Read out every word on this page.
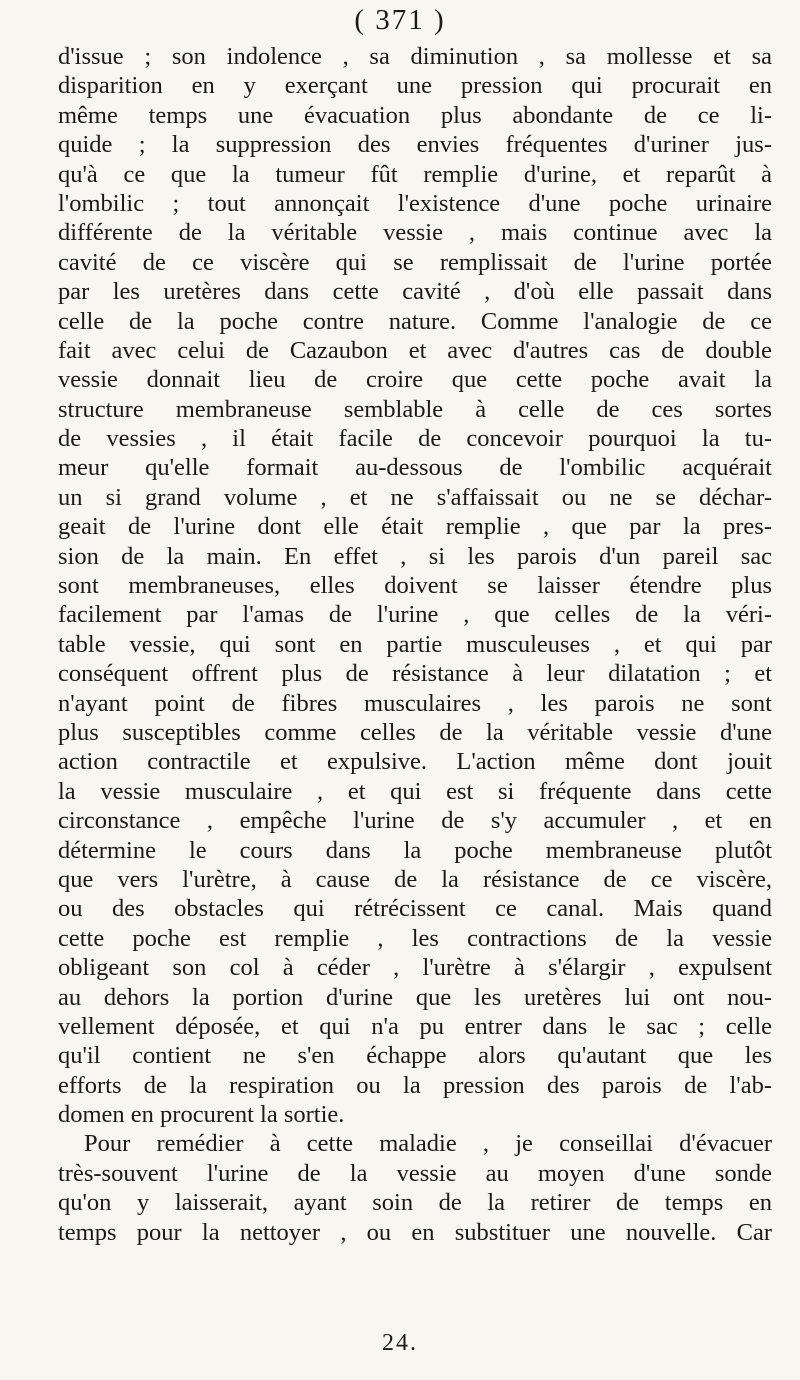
( 371 )
d'issue ; son indolence , sa diminution , sa mollesse et sa
disparition en y exerçant une pression qui procurait en
même temps une évacuation plus abondante de ce li-
quide ; la suppression des envies fréquentes d'uriner jus-
qu'à ce que la tumeur fût remplie d'urine, et reparût à
l'ombilic ; tout annonçait l'existence d'une poche urinaire
différente de la véritable vessie , mais continue avec la
cavité de ce viscère qui se remplissait de l'urine portée
par les uretères dans cette cavité , d'où elle passait dans
celle de la poche contre nature. Comme l'analogie de ce
fait avec celui de Cazaubon et avec d'autres cas de double
vessie donnait lieu de croire que cette poche avait la
structure membraneuse semblable à celle de ces sortes
de vessies , il était facile de concevoir pourquoi la tu-
meur qu'elle formait au-dessous de l'ombilic acquérait
un si grand volume , et ne s'affaissait ou ne se déchar-
geait de l'urine dont elle était remplie , que par la pres-
sion de la main. En effet , si les parois d'un pareil sac
sont membraneuses, elles doivent se laisser étendre plus
facilement par l'amas de l'urine , que celles de la véri-
table vessie, qui sont en partie musculeuses , et qui par
conséquent offrent plus de résistance à leur dilatation ; et
n'ayant point de fibres musculaires , les parois ne sont
plus susceptibles comme celles de la véritable vessie d'une
action contractile et expulsive. L'action même dont jouit
la vessie musculaire , et qui est si fréquente dans cette
circonstance , empêche l'urine de s'y accumuler , et en
détermine le cours dans la poche membraneuse plutôt
que vers l'urètre, à cause de la résistance de ce viscère,
ou des obstacles qui rétrécissent ce canal. Mais quand
cette poche est remplie , les contractions de la vessie
obligeant son col à céder , l'urètre à s'élargir , expulsent
au dehors la portion d'urine que les uretères lui ont nou-
vellement déposée, et qui n'a pu entrer dans le sac ; celle
qu'il contient ne s'en échappe alors qu'autant que les
efforts de la respiration ou la pression des parois de l'ab-
domen en procurent la sortie.
Pour remédier à cette maladie , je conseillai d'évacuer
très-souvent l'urine de la vessie au moyen d'une sonde
qu'on y laisserait, ayant soin de la retirer de temps en
temps pour la nettoyer , ou en substituer une nouvelle. Car
24.
